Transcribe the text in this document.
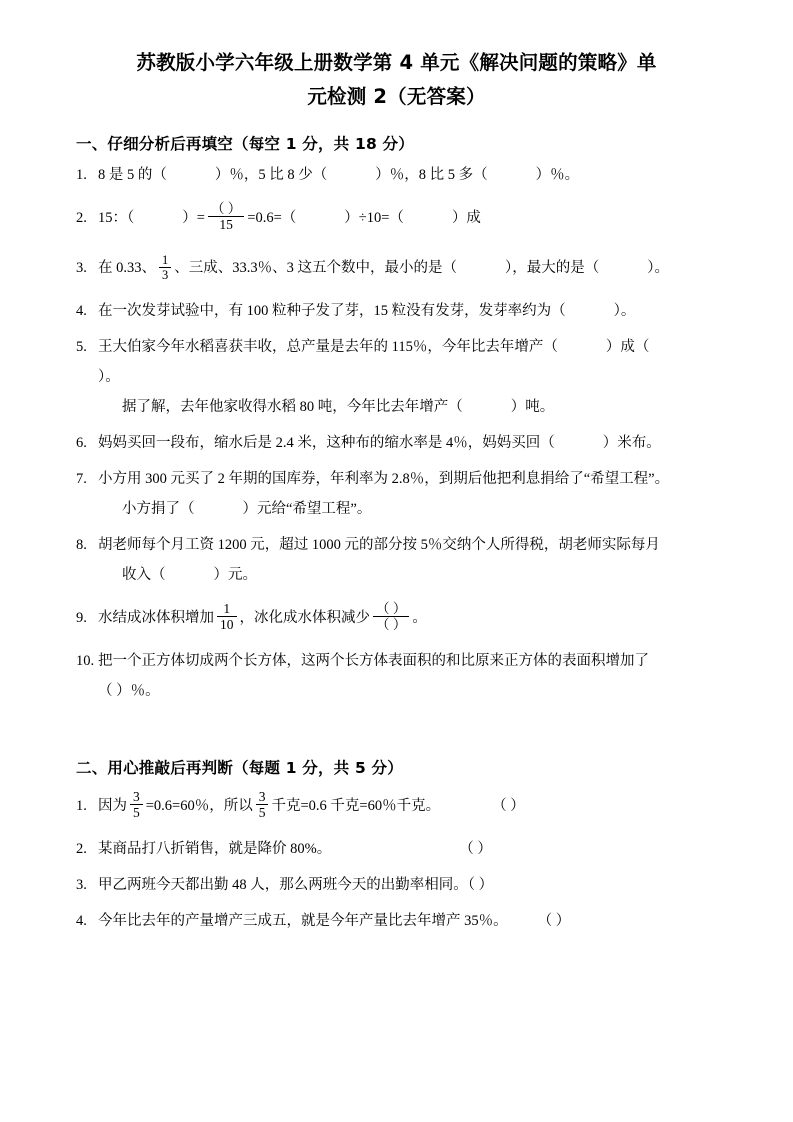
苏教版小学六年级上册数学第 4 单元《解决问题的策略》单
元检测 2（无答案）
一、仔细分析后再填空（每空 1 分，共 18 分）
1. 8 是 5 的（	）％，5 比 8 少（	）％，8 比 5 多（	）％。
2. 15：（	）= $\frac{( )}{15} =0.6=$（	）÷10=（	）成
3. 在 0.33、 $\frac{1}{3}$ 、三成、33.3％、3 这五个数中，最小的是（	），最大的是（	）。
4. 在一次发芽试验中，有 100 粒种子发了芽，15 粒没有发芽，发芽率约为（	）。
5. 王大伯家今年水稻喜获丰收，总产量是去年的 115％，今年比去年增产（	）成（）。
据了解，去年他家收得水稻 80 吨，今年比去年增产（	）吨。
6. 妈妈买回一段布，缩水后是 2.4 米，这种布的缩水率是 4％，妈妈买回（	）米布。
7. 小方用 300 元买了 2 年期的国库券，年利率为 2.8％，到期后他把利息捐给了“希望工程”。
小方捐了（	）元给“希望工程”。
8. 胡老师每个月工资 1200 元，超过 1000 元的部分按 5％交纳个人所得税，胡老师实际每月
收入（	）元。
9. 水结成冰体积增加 $\frac{1}{10}$ ，冰化成水体积减少 $\frac{( )}{( )}$ 。
10. 把一个正方体切成两个长方体，这两个长方体表面积的和比原来正方体的表面积增加了
（ ）％。
二、用心推敲后再判断（每题 1 分，共 5 分）
1. 因为 $\frac{3}{5} =0.6=60$％，所以 $\frac{3}{5}$ 千克=0.6 千克=60％千克。	（ ）
2. 某商品打八折销售，就是降价 80%。	（ ）
3. 甲乙两班今天都出勤 48 人，那么两班今天的出勤率相同。（ ）
4. 今年比去年的产量增产三成五，就是今年产量比去年增产 35％。 （ ）
